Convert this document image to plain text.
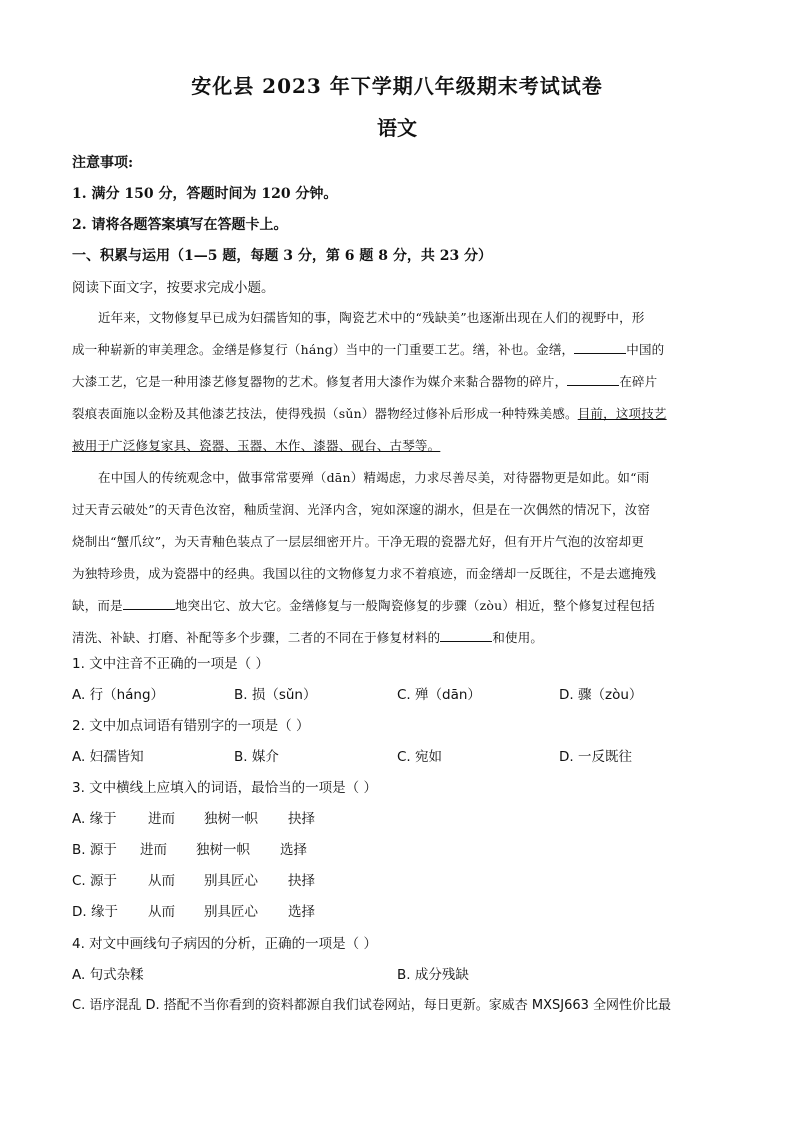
安化县 2023 年下学期八年级期末考试试卷
语文
注意事项:
1. 满分 150 分，答题时间为 120 分钟。
2. 请将各题答案填写在答题卡上。
一、积累与运用（1—5 题，每题 3 分，第 6 题 8 分，共 23 分）
阅读下面文字，按要求完成小题。
近年来，文物修复早已成为妇孺皆知的事，陶瓷艺术中的“残缺美”也逐渐出现在人们的视野中，形
成一种崭新的审美理念。金缮是修复行（háng）当中的一门重要工艺。缮，补也。金缮，	中国的
大漆工艺，它是一种用漆艺修复器物的艺术。修复者用大漆作为媒介来黏合器物的碎片，	在碎片
裂痕表面施以金粉及其他漆艺技法，使得残损（sǔn）器物经过修补后形成一种特殊美感。目前，这项技艺
被用于广泛修复家具、瓷器、玉器、木作、漆器、砚台、古琴等。
在中国人的传统观念中，做事常常要殚（dān）精竭虑，力求尽善尽美，对待器物更是如此。如“雨
过天青云破处”的天青色汝窑，釉质莹润、光泽内含，宛如深邃的湖水，但是在一次偶然的情况下，汝窑
烧制出“蟹爪纹”，为天青釉色装点了一层层细密开片。干净无瑕的瓷器尤好，但有开片气泡的汝窑却更
为独特珍贵，成为瓷器中的经典。我国以往的文物修复力求不着痕迹，而金缮却一反既往，不是去遮掩残
缺，而是	地突出它、放大它。金缮修复与一般陶瓷修复的步骤（zòu）相近，整个修复过程包括
清洗、补缺、打磨、补配等多个步骤，二者的不同在于修复材料的	和使用。
1. 文中注音不正确的一项是（ ）
A. 行（háng）	B. 损（sǔn）	C. 殚（dān）	D. 骤（zòu）
2. 文中加点词语有错别字的一项是（ ）
A. 妇孺皆知	B. 媒介	C. 宛如	D. 一反既往
3. 文中横线上应填入的词语，最恰当的一项是（ ）
A. 缘于 进而 独树一帜 抉择
B. 源于 进而 独树一帜 选择
C. 源于 从而 别具匠心 抉择
D. 缘于 从而 别具匠心 选择
4. 对文中画线句子病因的分析，正确的一项是（ ）
A. 句式杂糅	B. 成分残缺
C. 语序混乱 D. 搭配不当你看到的资料都源自我们试卷网站，每日更新。家威杏 MXSJ663 全网性价比最
